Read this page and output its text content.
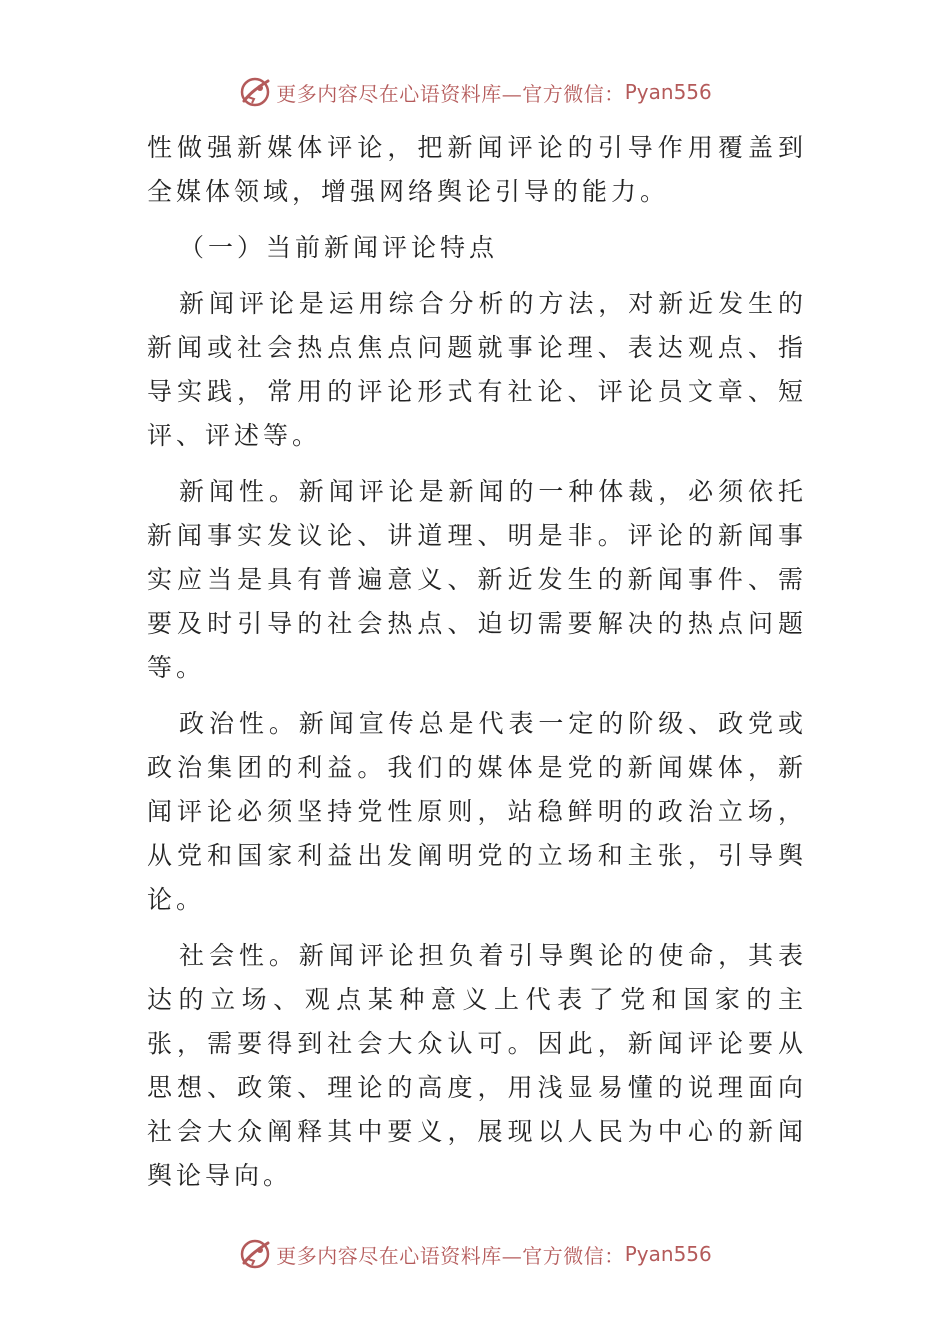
更多内容尽在心语资料库—官方微信： Pyan556

性做强新媒体评论，把新闻评论的引导作用覆盖到全媒体领域，增强网络舆论引导的能力。

（一）当前新闻评论特点

新闻评论是运用综合分析的方法，对新近发生的新闻或社会热点焦点问题就事论理、表达观点、指导实践，常用的评论形式有社论、评论员文章、短评、评述等。

新闻性。新闻评论是新闻的一种体裁，必须依托新闻事实发议论、讲道理、明是非。评论的新闻事实应当是具有普遍意义、新近发生的新闻事件、需要及时引导的社会热点、迫切需要解决的热点问题等。

政治性。新闻宣传总是代表一定的阶级、政党或政治集团的利益。我们的媒体是党的新闻媒体，新闻评论必须坚持党性原则，站稳鲜明的政治立场，从党和国家利益出发阐明党的立场和主张，引导舆论。

社会性。新闻评论担负着引导舆论的使命，其表达的立场、观点某种意义上代表了党和国家的主张，需要得到社会大众认可。因此，新闻评论要从思想、政策、理论的高度，用浅显易懂的说理面向社会大众阐释其中要义，展现以人民为中心的新闻舆论导向。

更多内容尽在心语资料库—官方微信： Pyan556
